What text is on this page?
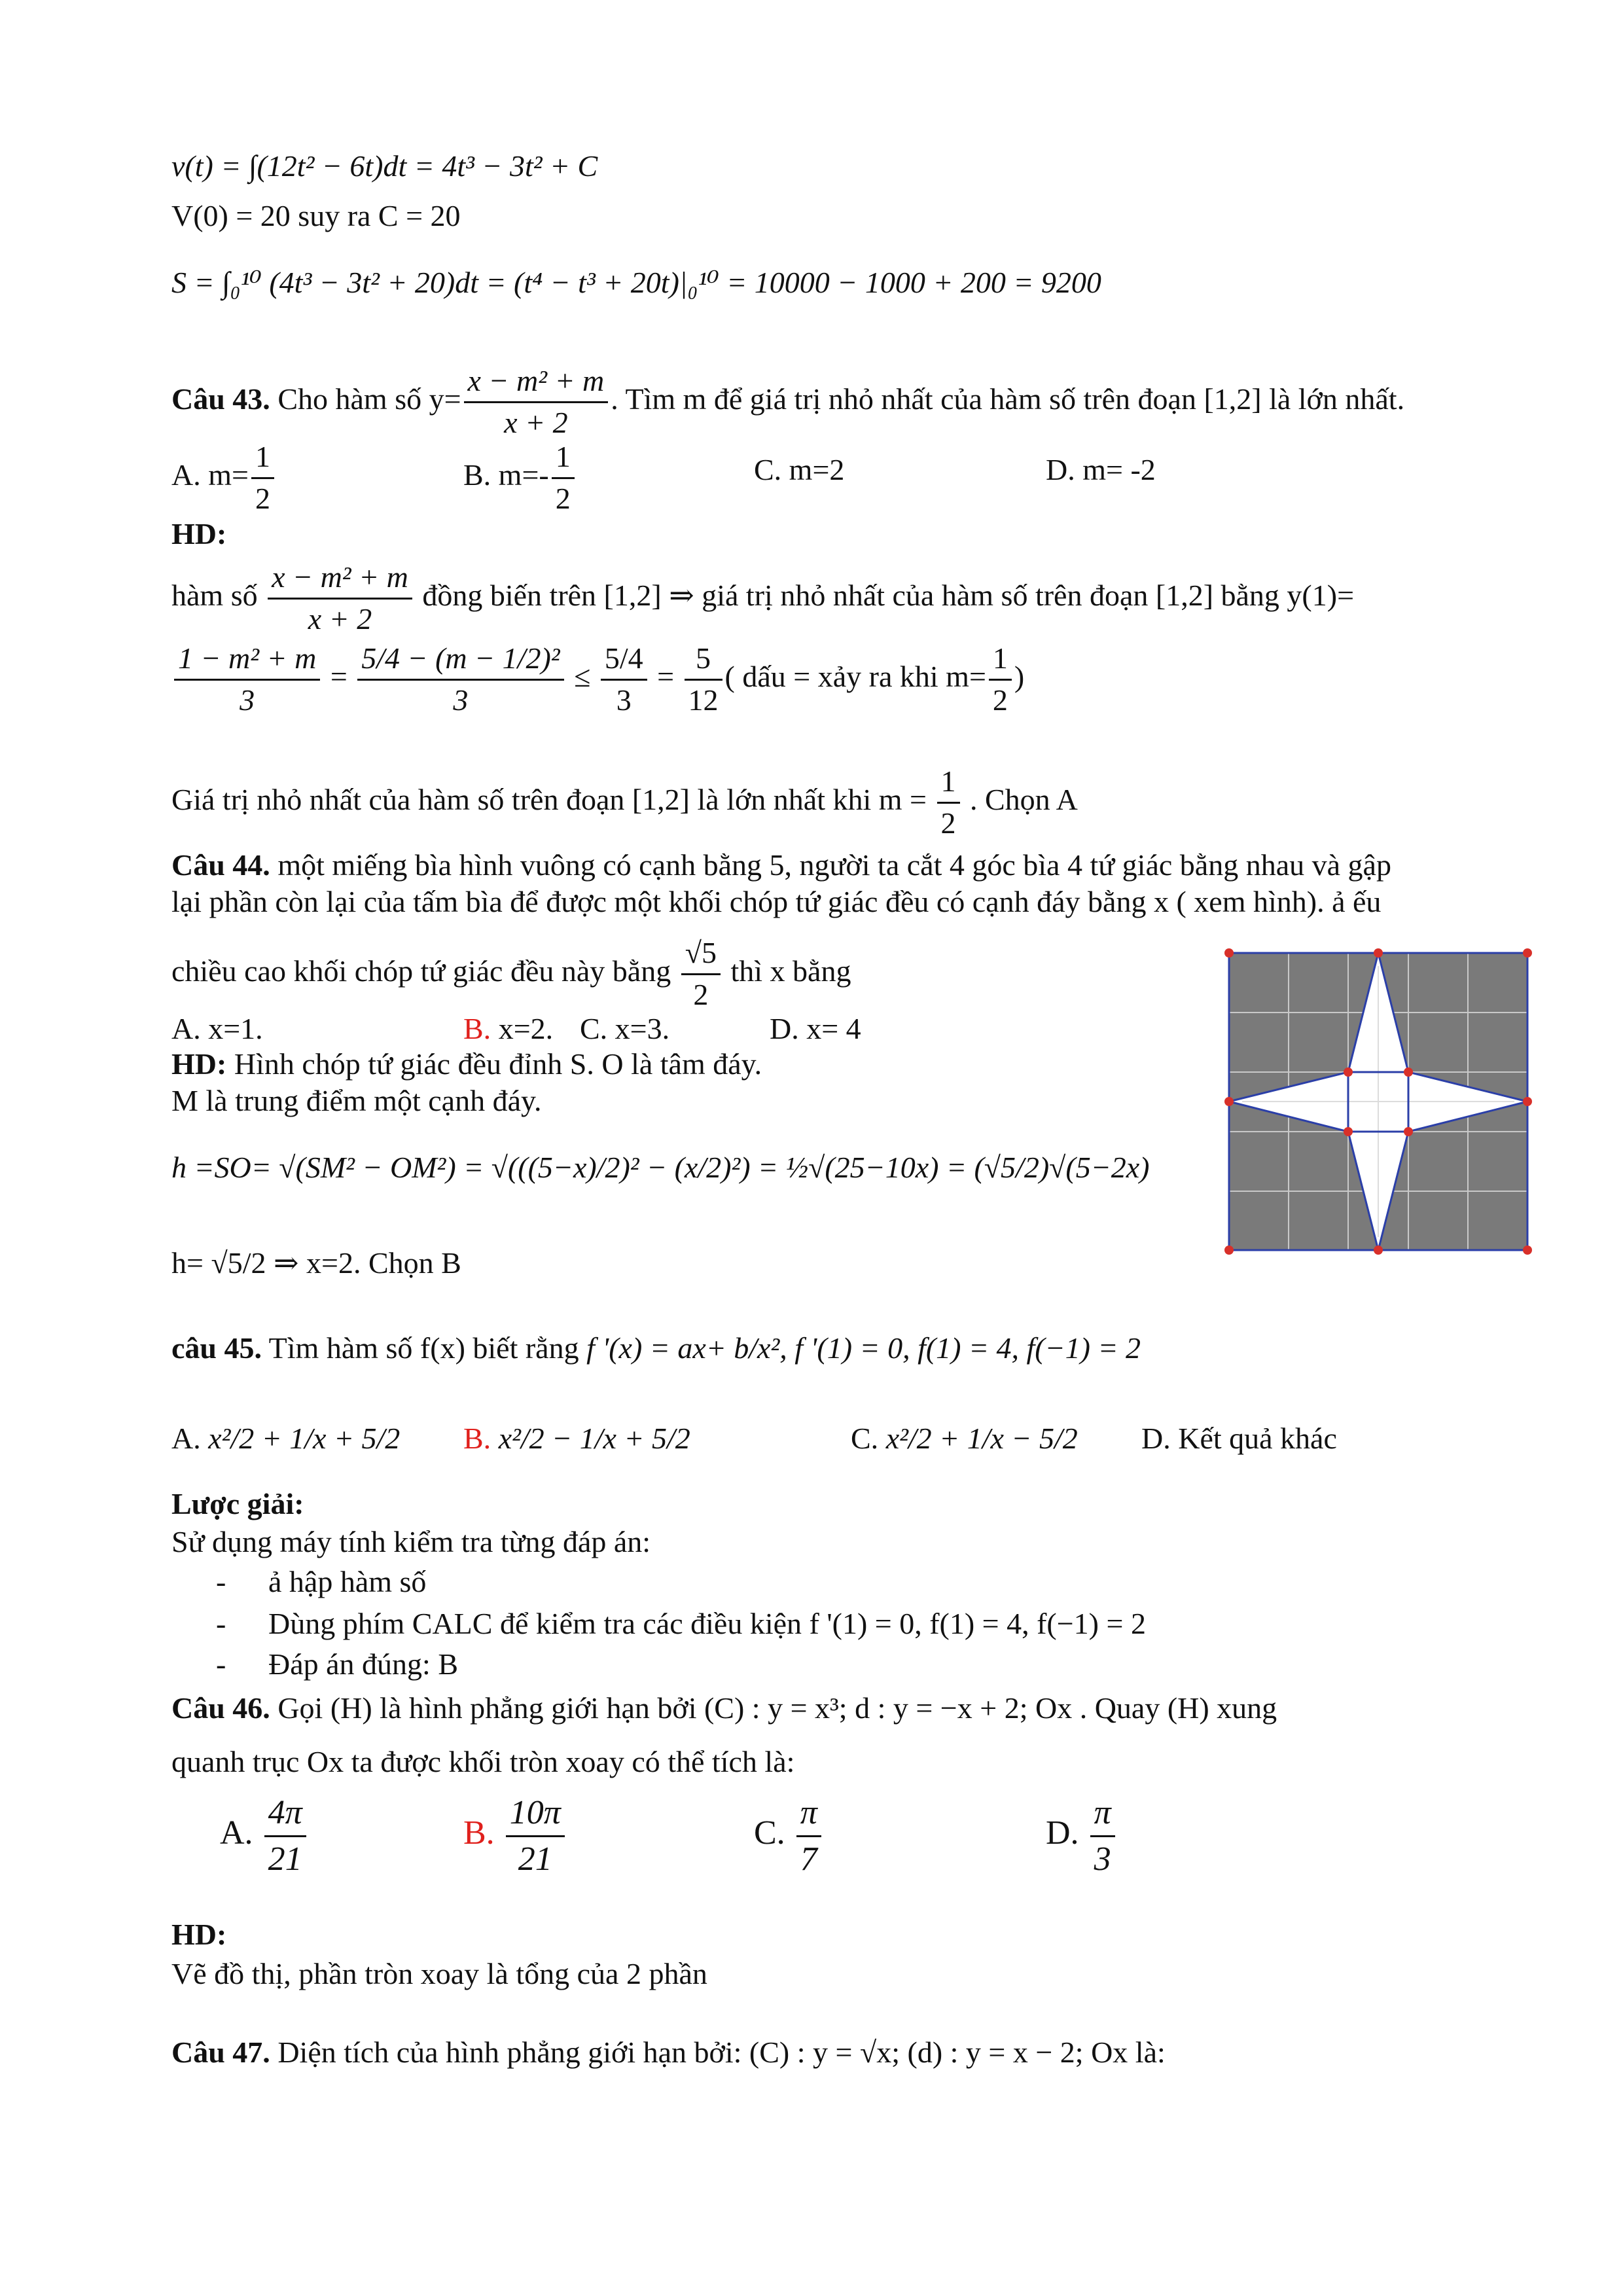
v(t) = ∫(12t² − 6t)dt = 4t³ − 3t² + C
V(0) = 20 suy ra C = 20
S = ∫₀¹⁰ (4t³ − 3t² + 20)dt = (t⁴ − t³ + 20t)|₀¹⁰ = 10000 − 1000 + 200 = 9200
Câu 43. Cho hàm số $y= \frac{\text{x − m² + m}}{x + 2}$ . Tìm m để giá trị nhỏ nhất của hàm số trên đoạn [1,2] là lớn nhất.
A. $m= \frac{1}{2}$	B. $m=- \frac{1}{2}$	C. m=2	D. m= -2
HD:
hàm số $\frac{\text{x − m² + m}}{x + 2}$ đồng biến trên [1,2] ⇒ giá trị nhỏ nhất của hàm số trên đoạn [1,2] bằng y(1)=
$\frac{\text{1 − m² + m}}{3} = \frac{\text{5/4 − (m − 1/2)²}}{3} \le \frac{5/4}{3} = \frac{5}{12}$ ( dấu = xảy ra khi $m= \frac{1}{2}$ )
Giá trị nhỏ nhất của hàm số trên đoạn [1,2] là lớn nhất khi $m = \frac{1}{2}$ . Chọn A
Câu 44. một miếng bìa hình vuông có cạnh bằng 5, người ta cắt 4 góc bìa 4 tứ giác bằng nhau và gập
lại phần còn lại của tấm bìa để được một khối chóp tứ giác đều có cạnh đáy bằng x ( xem hình). ả ếu
chiều cao khối chóp tứ giác đều này bằng $\frac{√5}{2}$ thì x bằng
A. x=1.	B. x=2. C. x=3.	D. x= 4
HD: Hình chóp tứ giác đều đỉnh S. O là tâm đáy.
M là trung điểm một cạnh đáy.
h =SO= √(SM² − OM²) = √(((5−x)/2)² − (x/2)²) = ½√(25−10x) = (√5/2)√(5−2x)
h= √5/2 ⇒ x=2. Chọn B
câu 45. Tìm hàm số f(x) biết rằng f '(x) = ax+ b/x², f '(1) = 0, f(1) = 4, f(−1) = 2
A. x²/2 + 1/x + 5/2 B. x²/2 − 1/x + 5/2	C. x²/2 + 1/x − 5/2 D. Kết quả khác
Lược giải:
Sử dụng máy tính kiểm tra từng đáp án:
- ả hập hàm số
- Dùng phím CALC để kiểm tra các điều kiện f '(1) = 0, f(1) = 4, f(−1) = 2
- Đáp án đúng: B
Câu 46. Gọi (H) là hình phẳng giới hạn bởi (C) : y = x³; d : y = −x + 2; Ox . Quay (H) xung
quanh trục Ox ta được khối tròn xoay có thể tích là:
A. $\frac{4\pi}{21}$	B. $\frac{10\pi}{21}$	C. $\frac{\pi}{7}$	D. $\frac{\pi}{3}$
HD:
Vẽ đồ thị, phần tròn xoay là tổng của 2 phần
Câu 47. Diện tích của hình phẳng giới hạn bởi: (C) : y = √x; (d) : y = x − 2; Ox là:
